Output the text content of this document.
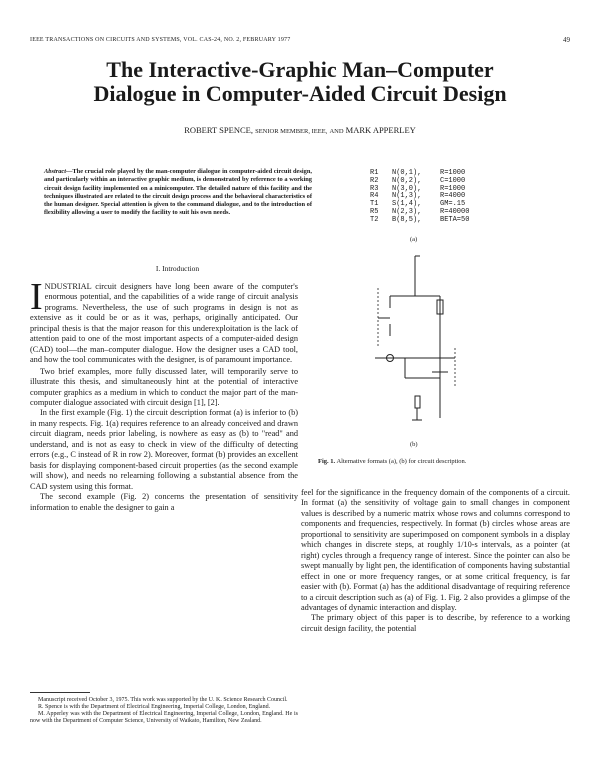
IEEE TRANSACTIONS ON CIRCUITS AND SYSTEMS, VOL. CAS-24, NO. 2, FEBRUARY 1977	49
The Interactive-Graphic Man–Computer
Dialogue in Computer-Aided Circuit Design
ROBERT SPENCE, SENIOR MEMBER, IEEE, AND MARK APPERLEY
Abstract—The crucial role played by the man-computer dialogue in computer-aided circuit design, and particularly within an interactive graphic medium, is demonstrated by reference to a working circuit design facility implemented on a minicomputer. The detailed nature of this facility and the techniques illustrated are related to the circuit design process and the behavioral characteristics of the human designer. Special attention is given to the command dialogue, and to the introduction of flexibility allowing a user to modify the facility to suit his own needs.
I. Introduction

INDUSTRIAL circuit designers have long been aware of the computer's enormous potential, and the capabilities of a wide range of circuit analysis programs. Nevertheless, the use of such programs in design is not as extensive as it could be or as it was, perhaps, originally anticipated. Our principal thesis is that the major reason for this underexploitation is the lack of attention paid to one of the most important aspects of a computer-aided design (CAD) tool—the man–computer dialogue. How the designer uses a CAD tool, and how the tool communicates with the designer, is of paramount importance.

Two brief examples, more fully discussed later, will temporarily serve to illustrate this thesis, and simultaneously hint at the potential of interactive computer graphics as a medium in which to conduct the major part of the man-computer dialogue associated with circuit design [1], [2].

In the first example (Fig. 1) the circuit description format (a) is inferior to (b) in many respects. Fig. 1(a) requires reference to an already conceived and drawn circuit diagram, needs prior labeling, is nowhere as easy as (b) to "read" and understand, and is not as easy to check in view of the difficulty of detecting errors (e.g., C instead of R in row 2). Moreover, format (b) provides an excellent basis for displaying component-based circuit properties (as the second example will show), and needs no relearning following a substantial absence from the CAD system using this format.

The second example (Fig. 2) concerns the presentation of sensitivity information to enable the designer to gain a

Manuscript received October 3, 1975. This work was supported by the U. K. Science Research Council.

R. Spence is with the Department of Electrical Engineering, Imperial College, London, England.

M. Apperley was with the Department of Electrical Engineering, Imperial College, London, England. He is now with the Department of Computer Science, University of Waikato, Hamilton, New Zealand.

R1 N(0,1),	R=1000
R2 N(0,2),	C=1000
R3 N(3,0),	R=1000
R4 N(1,3),	R=4000
T1 S(1,4),	GM=.15
R5 N(2,3),	R=40000
T2 B(8,5),	BETA=50
(a)
(b)
Fig. 1. Alternative formats (a), (b) for circuit description.

feel for the significance in the frequency domain of the components of a circuit. In format (a) the sensitivity of voltage gain to small changes in component values is described by a numeric matrix whose rows and columns correspond to components and frequencies, respectively. In format (b) circles whose areas are proportional to sensitivity are superimposed on component symbols in a display which changes in discrete steps, at roughly 1/10-s intervals, as a pointer (at right) cycles through a frequency range of interest. Since the pointer can also be swept manually by light pen, the identification of components having substantial effect in one or more frequency ranges, or at some critical frequency, is far easier with (b). Format (a) has the additional disadvantage of requiring reference to a circuit description such as (a) of Fig. 1. Fig. 2 also provides a glimpse of the advantages of dynamic interaction and display.

The primary object of this paper is to describe, by reference to a working circuit design facility, the potential
